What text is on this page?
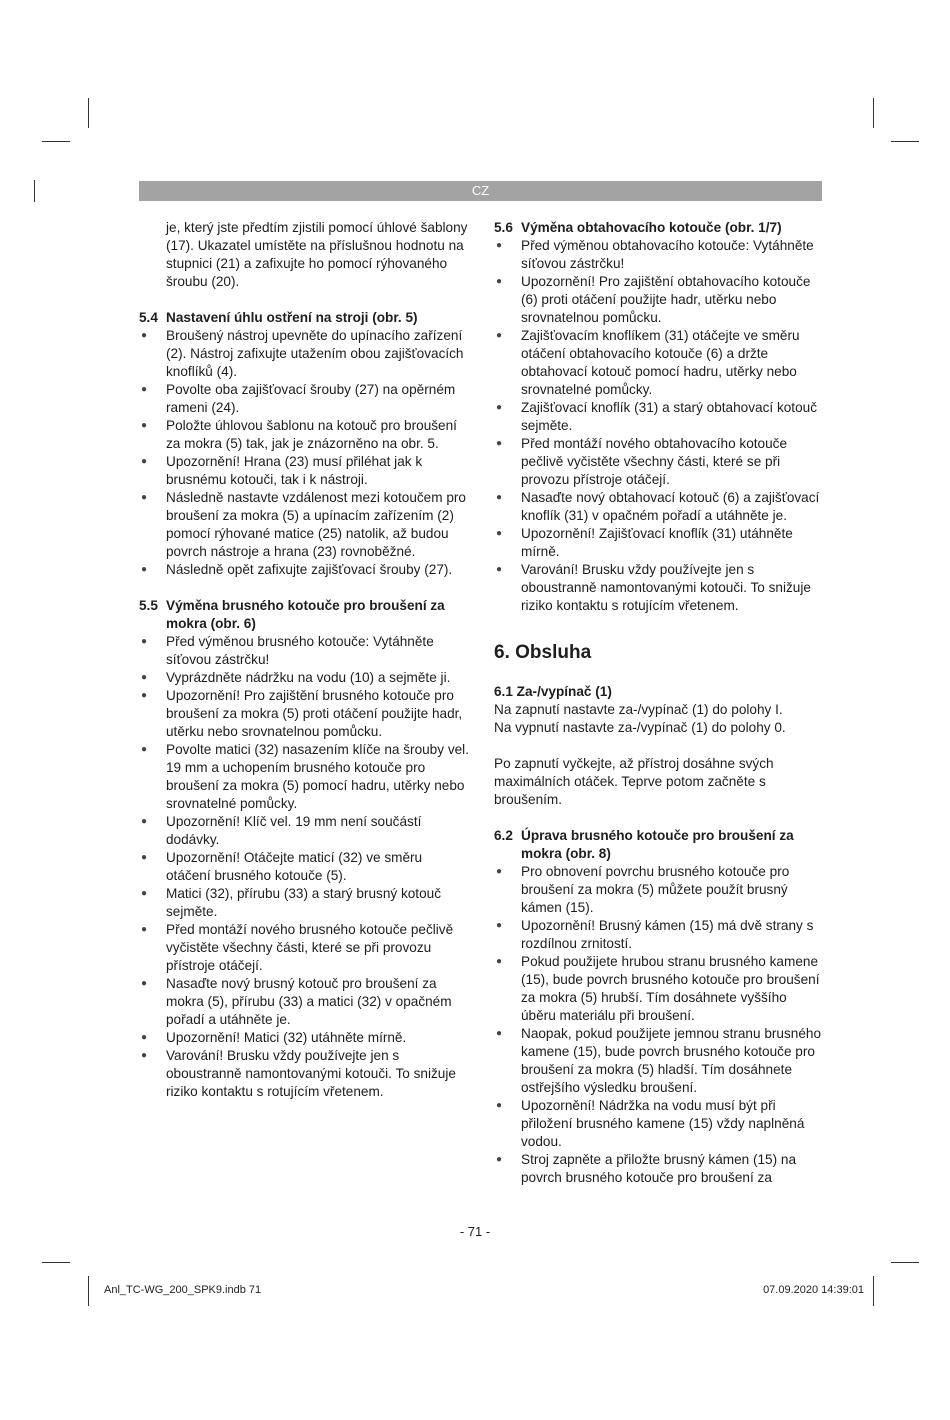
CZ

je, který jste předtím zjistili pomocí úhlové šablony (17). Ukazatel umístěte na příslušnou hodnotu na stupnici (21) a zafixujte ho pomocí rýhovaného šroubu (20).

5.4 Nastavení úhlu ostření na stroji (obr. 5)

● Broušený nástroj upevněte do upínacího zařízení (2). Nástroj zafixujte utažením obou zajišťovacích knoflíků (4).
● Povolte oba zajišťovací šrouby (27) na opěrném rameni (24).
● Položte úhlovou šablonu na kotouč pro broušení za mokra (5) tak, jak je znázorněno na obr. 5.
● Upozornění! Hrana (23) musí přiléhat jak k brusnému kotouči, tak i k nástroji.
● Následně nastavte vzdálenost mezi kotoučem pro broušení za mokra (5) a upínacím zařízením (2) pomocí rýhované matice (25) natolik, až budou povrch nástroje a hrana (23) rovnoběžné.
● Následně opět zafixujte zajišťovací šrouby (27).

5.5 Výměna brusného kotouče pro broušení za mokra (obr. 6)

● Před výměnou brusného kotouče: Vytáhněte síťovou zástrčku!
● Vyprázdněte nádržku na vodu (10) a sejměte ji.
● Upozornění! Pro zajištění brusného kotouče pro broušení za mokra (5) proti otáčení použijte hadr, utěrku nebo srovnatelnou pomůcku.
● Povolte matici (32) nasazením klíče na šrouby vel. 19 mm a uchopením brusného kotouče pro broušení za mokra (5) pomocí hadru, utěrky nebo srovnatelné pomůcky.
● Upozornění! Klíč vel. 19 mm není součástí dodávky.
● Upozornění! Otáčejte maticí (32) ve směru otáčení brusného kotouče (5).
● Matici (32), přírubu (33) a starý brusný kotouč sejměte.
● Před montáží nového brusného kotouče pečlivě vyčistěte všechny části, které se při provozu přístroje otáčejí.
● Nasaďte nový brusný kotouč pro broušení za mokra (5), přírubu (33) a matici (32) v opačném pořadí a utáhněte je.
● Upozornění! Matici (32) utáhněte mírně.
● Varování! Brusku vždy používejte jen s oboustranně namontovanými kotouči. To snižuje riziko kontaktu s rotujícím vřetenem.

5.6 Výměna obtahovacího kotouče (obr. 1/7)

● Před výměnou obtahovacího kotouče: Vytáhněte síťovou zástrčku!
● Upozornění! Pro zajištění obtahovacího kotouče (6) proti otáčení použijte hadr, utěrku nebo srovnatelnou pomůcku.
● Zajišťovacím knoflíkem (31) otáčejte ve směru otáčení obtahovacího kotouče (6) a držte obtahovací kotouč pomocí hadru, utěrky nebo srovnatelné pomůcky.
● Zajišťovací knoflík (31) a starý obtahovací kotouč sejměte.
● Před montáží nového obtahovacího kotouče pečlivě vyčistěte všechny části, které se při provozu přístroje otáčejí.
● Nasaďte nový obtahovací kotouč (6) a zajišťovací knoflík (31) v opačném pořadí a utáhněte je.
● Upozornění! Zajišťovací knoflík (31) utáhněte mírně.
● Varování! Brusku vždy používejte jen s oboustranně namontovanými kotouči. To snižuje riziko kontaktu s rotujícím vřetenem.

6. Obsluha

6.1 Za-/vypínač (1)

Na zapnutí nastavte za-/vypínač (1) do polohy I.

Na vypnutí nastavte za-/vypínač (1) do polohy 0.

Po zapnutí vyčkejte, až přístroj dosáhne svých maximálních otáček. Teprve potom začněte s broušením.

6.2 Úprava brusného kotouče pro broušení za mokra (obr. 8)

● Pro obnovení povrchu brusného kotouče pro broušení za mokra (5) můžete použít brusný kámen (15).
● Upozornění! Brusný kámen (15) má dvě strany s rozdílnou zrnitostí.
● Pokud použijete hrubou stranu brusného kamene (15), bude povrch brusného kotouče pro broušení za mokra (5) hrubší. Tím dosáhnete vyššího úběru materiálu při broušení.
● Naopak, pokud použijete jemnou stranu brusného kamene (15), bude povrch brusného kotouče pro broušení za mokra (5) hladší. Tím dosáhnete ostřejšího výsledku broušení.
● Upozornění! Nádržka na vodu musí být při přiložení brusného kamene (15) vždy naplněná vodou.
● Stroj zapněte a přiložte brusný kámen (15) na povrch brusného kotouče pro broušení za
- 71 -
Anl_TC-WG_200_SPK9.indb 71	07.09.2020 14:39:01
